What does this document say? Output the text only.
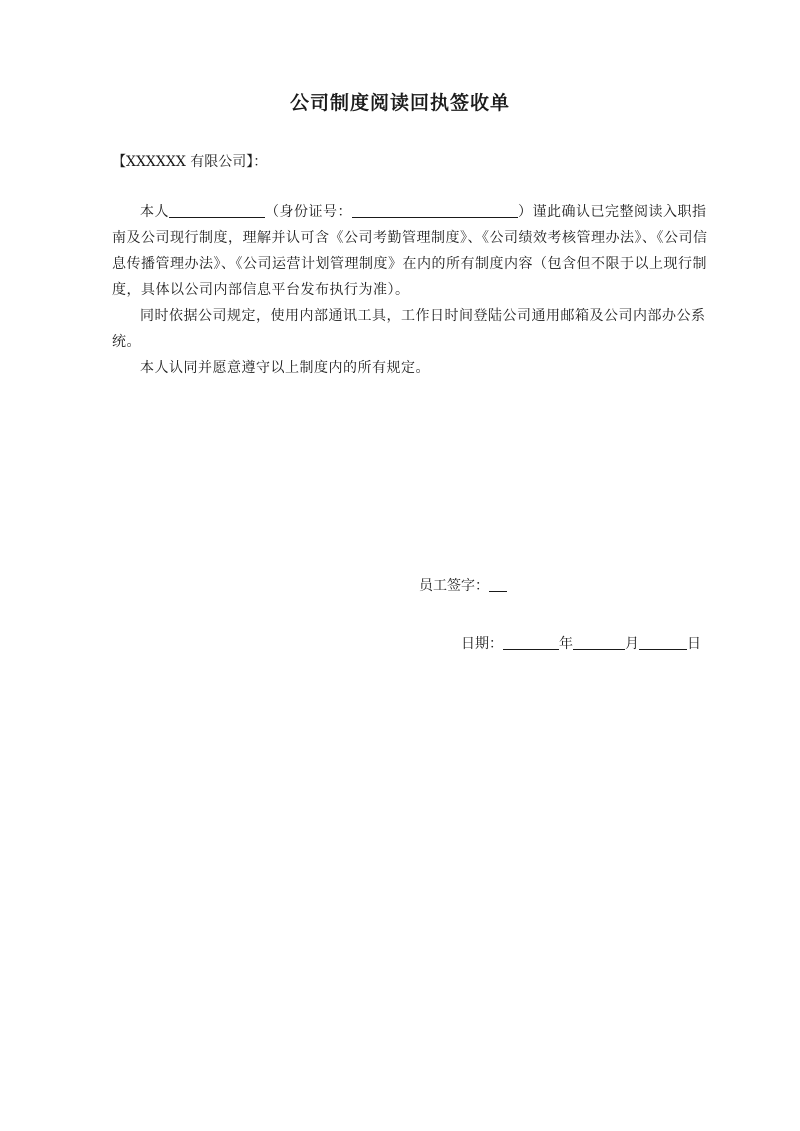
公司制度阅读回执签收单
【XXXXXX 有限公司】：

本人	（身份证号：	）谨此确认已完整阅读入职指南及公司现行制度，理解并认可含《公司考勤管理制度》、《公司绩效考核管理办法》、《公司信息传播管理办法》、《公司运营计划管理制度》在内的所有制度内容（包含但不限于以上现行制度，具体以公司内部信息平台发布执行为准）。

同时依据公司规定，使用内部通讯工具，工作日时间登陆公司通用邮箱及公司内部办公系统。

本人认同并愿意遵守以上制度内的所有规定。

员工签字：
日期：	年	月	日
